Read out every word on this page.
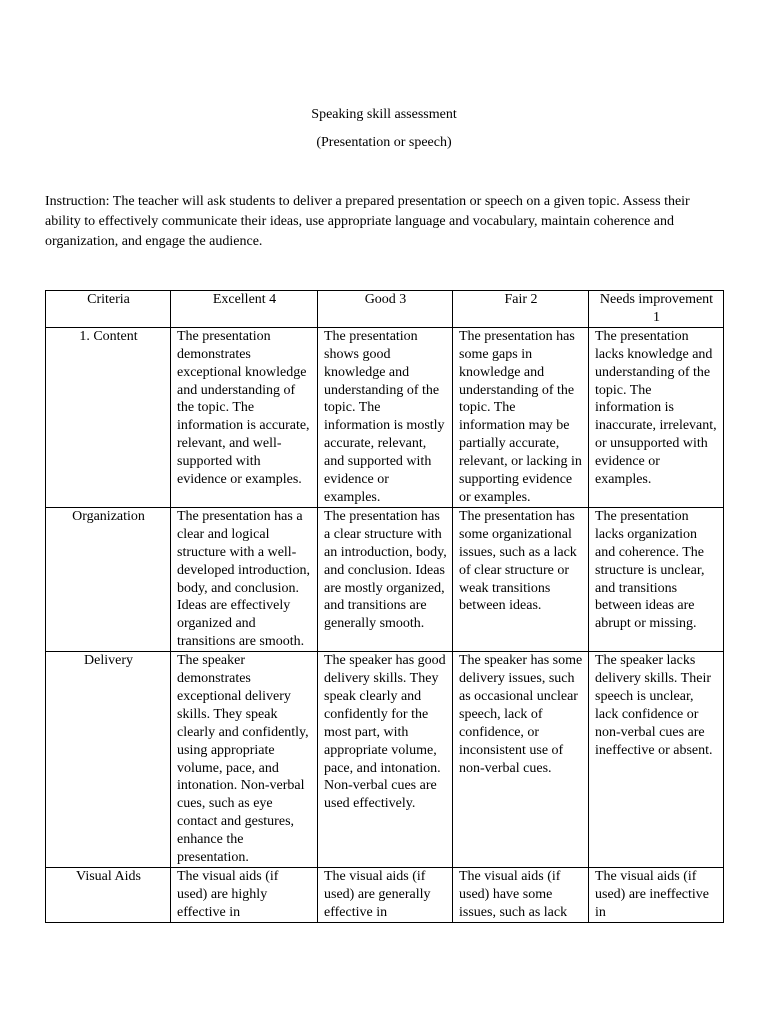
Speaking skill assessment
(Presentation or speech)
Instruction: The teacher will ask students to deliver a prepared presentation or speech on a given topic. Assess their ability to effectively communicate their ideas, use appropriate language and vocabulary, maintain coherence and organization, and engage the audience.
Criteria	Excellent 4	Good 3	Fair 2	Needs improvement 1
1. Content	The presentation demonstrates exceptional knowledge and understanding of the topic. The information is accurate, relevant, and well-supported with evidence or examples.	The presentation shows good knowledge and understanding of the topic. The information is mostly accurate, relevant, and supported with evidence or examples.	The presentation has some gaps in knowledge and understanding of the topic. The information may be partially accurate, relevant, or lacking in supporting evidence or examples.	The presentation lacks knowledge and understanding of the topic. The information is inaccurate, irrelevant, or unsupported with evidence or examples.
Organization	The presentation has a clear and logical structure with a well-developed introduction, body, and conclusion. Ideas are effectively organized and transitions are smooth.	The presentation has a clear structure with an introduction, body, and conclusion. Ideas are mostly organized, and transitions are generally smooth.	The presentation has some organizational issues, such as a lack of clear structure or weak transitions between ideas.	The presentation lacks organization and coherence. The structure is unclear, and transitions between ideas are abrupt or missing.
Delivery	The speaker demonstrates exceptional delivery skills. They speak clearly and confidently, using appropriate volume, pace, and intonation. Non-verbal cues, such as eye contact and gestures, enhance the presentation.	The speaker has good delivery skills. They speak clearly and confidently for the most part, with appropriate volume, pace, and intonation. Non-verbal cues are used effectively.	The speaker has some delivery issues, such as occasional unclear speech, lack of confidence, or inconsistent use of non-verbal cues.	The speaker lacks delivery skills. Their speech is unclear, lack confidence or non-verbal cues are ineffective or absent.

Visual Aids	The visual aids (if used) are highly effective in	The visual aids (if used) are generally effective in	The visual aids (if used) have some issues, such as lack	The visual aids (if used) are ineffective in
